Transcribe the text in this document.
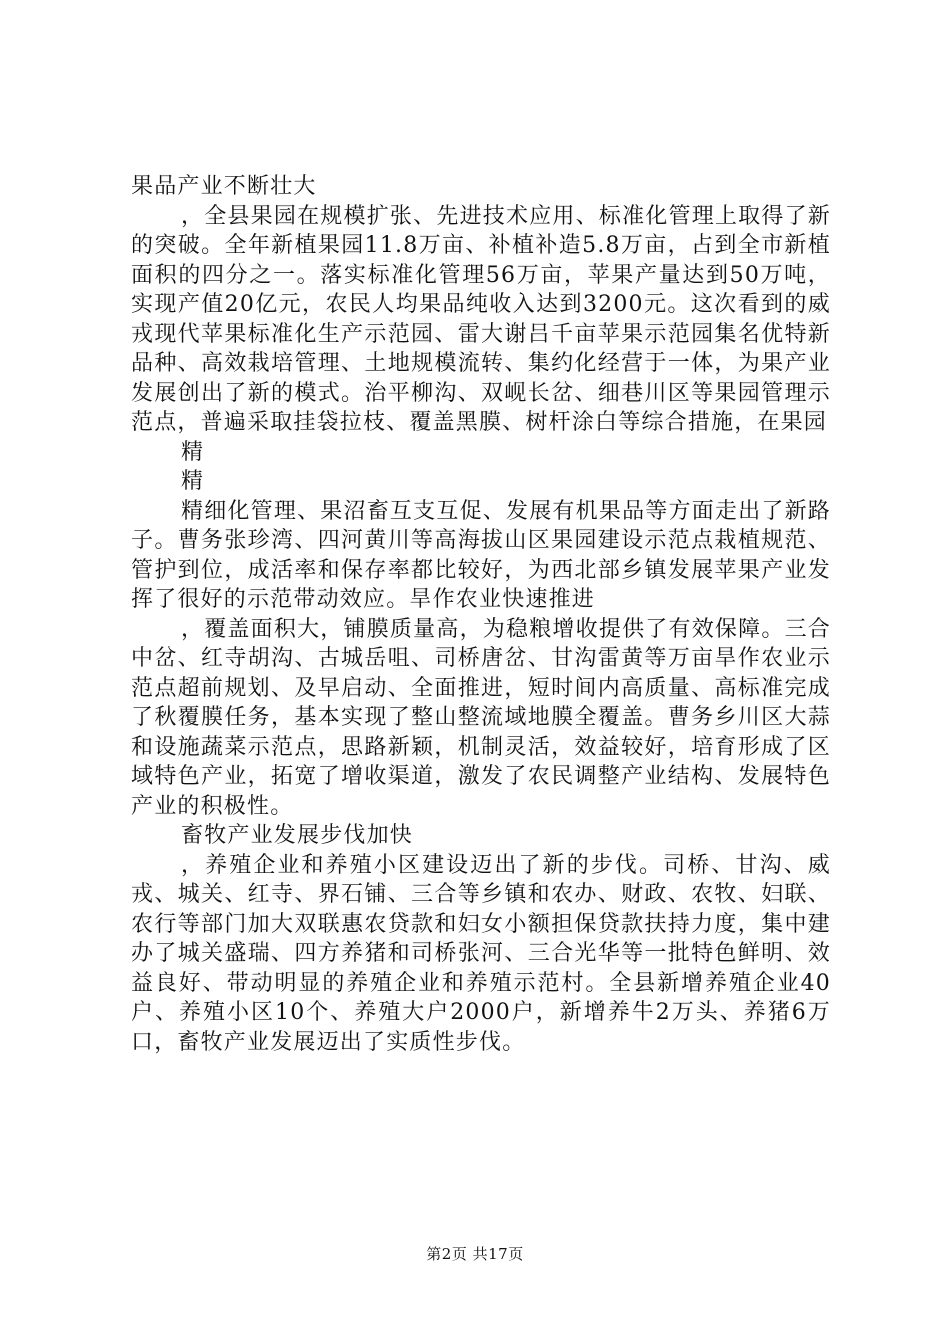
果品产业不断壮大

，全县果园在规模扩张、先进技术应用、标准化管理上取得了新的突破。全年新植果园11.8万亩、补植补造5.8万亩，占到全市新植面积的四分之一。落实标准化管理56万亩，苹果产量达到50万吨，实现产值20亿元，农民人均果品纯收入达到3200元。这次看到的威戎现代苹果标准化生产示范园、雷大谢吕千亩苹果示范园集名优特新品种、高效栽培管理、土地规模流转、集约化经营于一体，为果产业发展创出了新的模式。治平柳沟、双岘长岔、细巷川区等果园管理示范点，普遍采取挂袋拉枝、覆盖黑膜、树杆涂白等综合措施，在果园

精

精

精细化管理、果沼畜互支互促、发展有机果品等方面走出了新路子。曹务张珍湾、四河黄川等高海拔山区果园建设示范点栽植规范、管护到位，成活率和保存率都比较好，为西北部乡镇发展苹果产业发挥了很好的示范带动效应。旱作农业快速推进

，覆盖面积大，铺膜质量高，为稳粮增收提供了有效保障。三合中岔、红寺胡沟、古城岳咀、司桥唐岔、甘沟雷黄等万亩旱作农业示范点超前规划、及早启动、全面推进，短时间内高质量、高标准完成了秋覆膜任务，基本实现了整山整流域地膜全覆盖。曹务乡川区大蒜和设施蔬菜示范点，思路新颖，机制灵活，效益较好，培育形成了区域特色产业，拓宽了增收渠道，激发了农民调整产业结构、发展特色产业的积极性。

畜牧产业发展步伐加快

，养殖企业和养殖小区建设迈出了新的步伐。司桥、甘沟、威戎、城关、红寺、界石铺、三合等乡镇和农办、财政、农牧、妇联、农行等部门加大双联惠农贷款和妇女小额担保贷款扶持力度，集中建办了城关盛瑞、四方养猪和司桥张河、三合光华等一批特色鲜明、效益良好、带动明显的养殖企业和养殖示范村。全县新增养殖企业40户、养殖小区10个、养殖大户2000户，新增养牛2万头、养猪6万口，畜牧产业发展迈出了实质性步伐。

第2页 共17页
